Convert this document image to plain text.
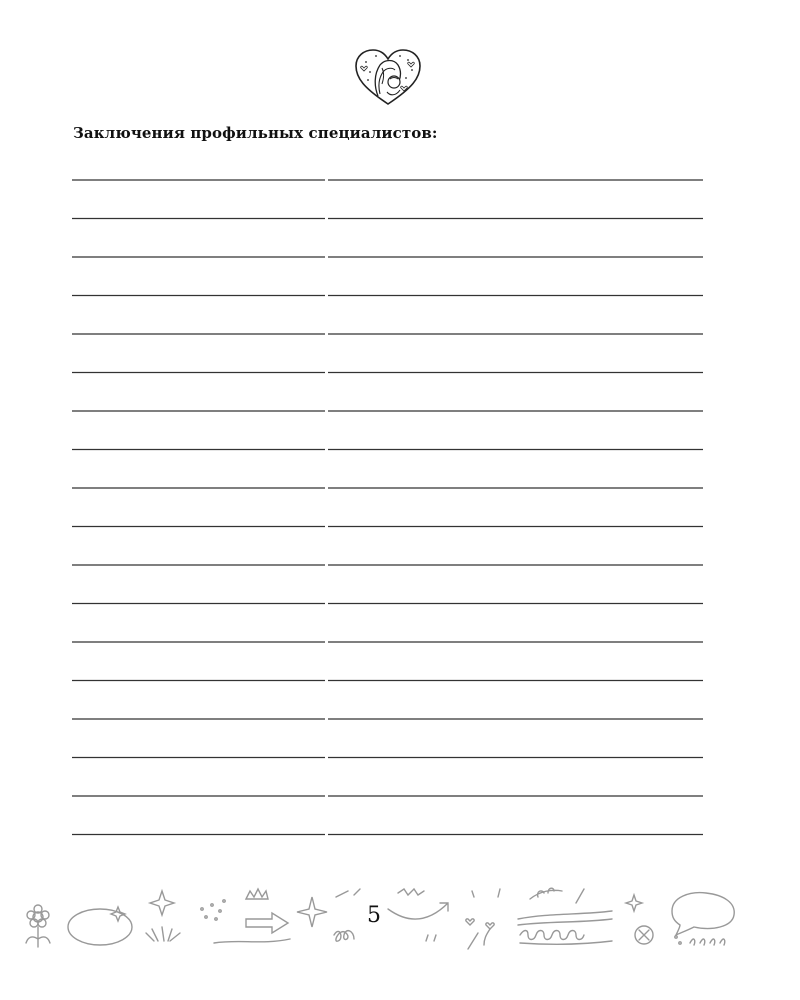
Заключения профильных специалистов:
5
